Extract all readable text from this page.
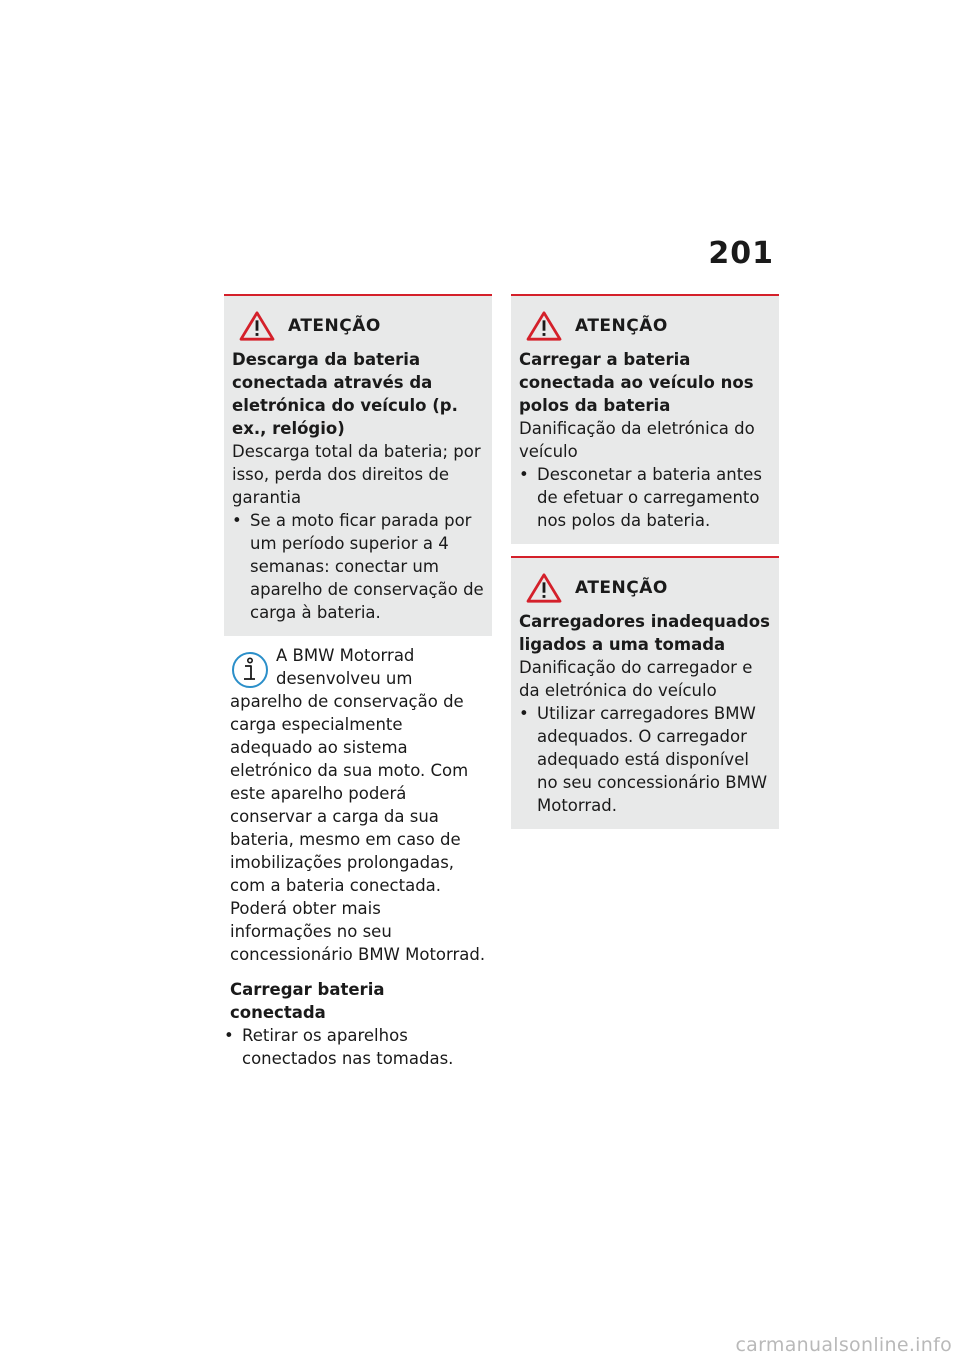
201
ATENÇÃO
Descarga da bateria conectada através da eletrónica do veículo (p. ex., relógio)
Descarga total da bateria; por isso, perda dos direitos de garantia
• Se a moto ficar parada por um período superior a 4 semanas: conectar um aparelho de conservação de carga à bateria.
A BMW Motorrad desenvolveu um aparelho de conservação de carga especialmente adequado ao sistema eletrónico da sua moto. Com este aparelho poderá conservar a carga da sua bateria, mesmo em caso de imobilizações prolongadas, com a bateria conectada. Poderá obter mais informações no seu concessionário BMW Motorrad.
Carregar bateria conectada
• Retirar os aparelhos conectados nas tomadas.
ATENÇÃO
Carregar a bateria conectada ao veículo nos polos da bateria
Danificação da eletrónica do veículo
• Desconetar a bateria antes de efetuar o carregamento nos polos da bateria.
ATENÇÃO
Carregadores inadequados ligados a uma tomada
Danificação do carregador e da eletrónica do veículo
• Utilizar carregadores BMW adequados. O carregador adequado está disponível no seu concessionário BMW Motorrad.
carmanualsonline.info
